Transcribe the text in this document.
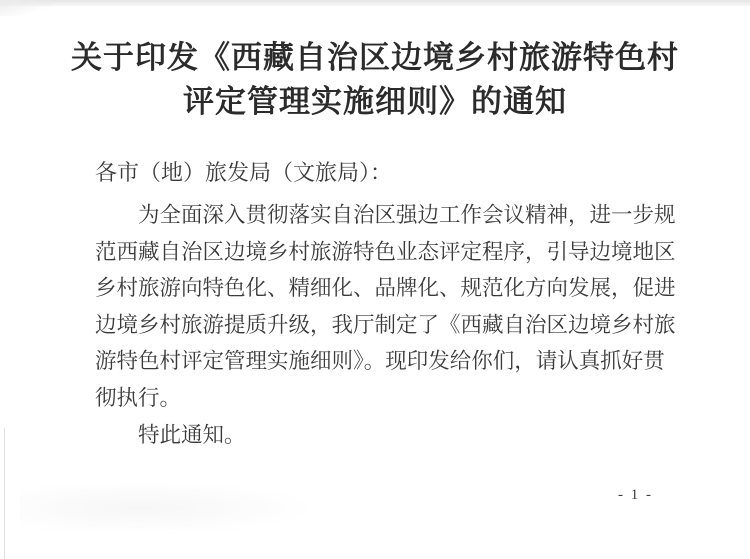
关于印发《西藏自治区边境乡村旅游特色村
评定管理实施细则》的通知
各市（地）旅发局（文旅局）：
为全面深入贯彻落实自治区强边工作会议精神，进一步规
范西藏自治区边境乡村旅游特色业态评定程序，引导边境地区
乡村旅游向特色化、精细化、品牌化、规范化方向发展，促进
边境乡村旅游提质升级，我厅制定了《西藏自治区边境乡村旅
游特色村评定管理实施细则》。现印发给你们，请认真抓好贯
彻执行。
特此通知。
- 1 -
